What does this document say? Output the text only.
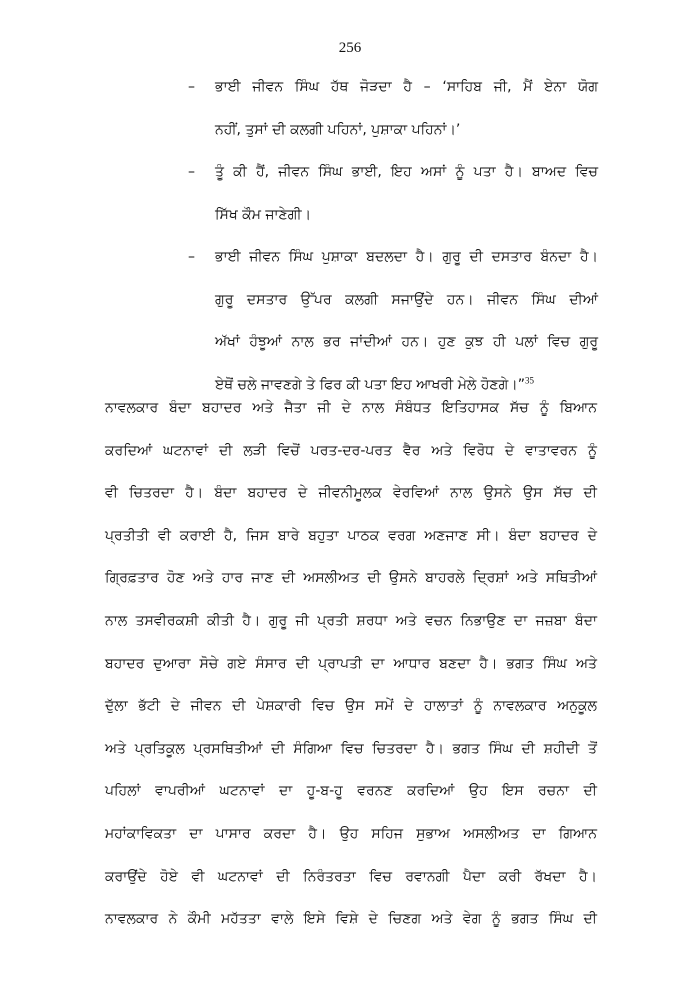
256
– ਭਾਈ ਜੀਵਨ ਸਿੰਘ ਹੱਥ ਜੋੜਦਾ ਹੈ – ‘ਸਾਹਿਬ ਜੀ, ਮੈਂ ਏਨਾ ਯੋਗ
ਨਹੀਂ, ਤੁਸਾਂ ਦੀ ਕਲਗੀ ਪਹਿਨਾਂ, ਪੁਸ਼ਾਕਾ ਪਹਿਨਾਂ।’
– ਤੂੰ ਕੀ ਹੈਂ, ਜੀਵਨ ਸਿੰਘ ਭਾਈ, ਇਹ ਅਸਾਂ ਨੂੰ ਪਤਾ ਹੈ। ਬਾਅਦ ਵਿਚ
ਸਿੱਖ ਕੌਮ ਜਾਣੇਗੀ।
– ਭਾਈ ਜੀਵਨ ਸਿੰਘ ਪੁਸ਼ਾਕਾ ਬਦਲਦਾ ਹੈ। ਗੁਰੂ ਦੀ ਦਸਤਾਰ ਬੰਨਦਾ ਹੈ।
ਗੁਰੂ ਦਸਤਾਰ ਉੱਪਰ ਕਲਗੀ ਸਜਾਉਂਦੇ ਹਨ। ਜੀਵਨ ਸਿੰਘ ਦੀਆਂ
ਅੱਖਾਂ ਹੰਝੂਆਂ ਨਾਲ ਭਰ ਜਾਂਦੀਆਂ ਹਨ। ਹੁਣ ਕੁਝ ਹੀ ਪਲਾਂ ਵਿਚ ਗੁਰੂ
ਏਥੋਂ ਚਲੇ ਜਾਵਣਗੇ ਤੇ ਫਿਰ ਕੀ ਪਤਾ ਇਹ ਆਖਰੀ ਮੇਲੇ ਹੋਣਗੇ।”$^{35}$
ਨਾਵਲਕਾਰ ਬੰਦਾ ਬਹਾਦਰ ਅਤੇ ਜੈਤਾ ਜੀ ਦੇ ਨਾਲ ਸੰਬੰਧਤ ਇਤਿਹਾਸਕ ਸੱਚ ਨੂੰ ਬਿਆਨ
ਕਰਦਿਆਂ ਘਟਨਾਵਾਂ ਦੀ ਲੜੀ ਵਿਚੋਂ ਪਰਤ-ਦਰ-ਪਰਤ ਵੈਰ ਅਤੇ ਵਿਰੋਧ ਦੇ ਵਾਤਾਵਰਨ ਨੂੰ
ਵੀ ਚਿਤਰਦਾ ਹੈ। ਬੰਦਾ ਬਹਾਦਰ ਦੇ ਜੀਵਨੀਮੂਲਕ ਵੇਰਵਿਆਂ ਨਾਲ ਉਸਨੇ ਉਸ ਸੱਚ ਦੀ
ਪ੍ਰਤੀਤੀ ਵੀ ਕਰਾਈ ਹੈ, ਜਿਸ ਬਾਰੇ ਬਹੁਤਾ ਪਾਠਕ ਵਰਗ ਅਣਜਾਣ ਸੀ। ਬੰਦਾ ਬਹਾਦਰ ਦੇ
ਗ੍ਰਿਫ਼ਤਾਰ ਹੋਣ ਅਤੇ ਹਾਰ ਜਾਣ ਦੀ ਅਸਲੀਅਤ ਦੀ ਉਸਨੇ ਬਾਹਰਲੇ ਦ੍ਰਿਸ਼ਾਂ ਅਤੇ ਸਥਿਤੀਆਂ
ਨਾਲ ਤਸਵੀਰਕਸ਼ੀ ਕੀਤੀ ਹੈ। ਗੁਰੂ ਜੀ ਪ੍ਰਤੀ ਸ਼ਰਧਾ ਅਤੇ ਵਚਨ ਨਿਭਾਉਣ ਦਾ ਜਜ਼ਬਾ ਬੰਦਾ
ਬਹਾਦਰ ਦੁਆਰਾ ਸੋਚੇ ਗਏ ਸੰਸਾਰ ਦੀ ਪ੍ਰਾਪਤੀ ਦਾ ਆਧਾਰ ਬਣਦਾ ਹੈ। ਭਗਤ ਸਿੰਘ ਅਤੇ
ਦੁੱਲਾ ਭੱਟੀ ਦੇ ਜੀਵਨ ਦੀ ਪੇਸ਼ਕਾਰੀ ਵਿਚ ਉਸ ਸਮੇਂ ਦੇ ਹਾਲਾਤਾਂ ਨੂੰ ਨਾਵਲਕਾਰ ਅਨੁਕੂਲ
ਅਤੇ ਪ੍ਰਤਿਕੂਲ ਪ੍ਰਸਥਿਤੀਆਂ ਦੀ ਸੰਗਿਆ ਵਿਚ ਚਿਤਰਦਾ ਹੈ। ਭਗਤ ਸਿੰਘ ਦੀ ਸ਼ਹੀਦੀ ਤੋਂ
ਪਹਿਲਾਂ ਵਾਪਰੀਆਂ ਘਟਨਾਵਾਂ ਦਾ ਹੂ-ਬ-ਹੂ ਵਰਨਣ ਕਰਦਿਆਂ ਉਹ ਇਸ ਰਚਨਾ ਦੀ
ਮਹਾਂਕਾਵਿਕਤਾ ਦਾ ਪਾਸਾਰ ਕਰਦਾ ਹੈ। ਉਹ ਸਹਿਜ ਸੁਭਾਅ ਅਸਲੀਅਤ ਦਾ ਗਿਆਨ
ਕਰਾਉਂਦੇ ਹੋਏ ਵੀ ਘਟਨਾਵਾਂ ਦੀ ਨਿਰੰਤਰਤਾ ਵਿਚ ਰਵਾਨਗੀ ਪੈਦਾ ਕਰੀ ਰੱਖਦਾ ਹੈ।
ਨਾਵਲਕਾਰ ਨੇ ਕੌਮੀ ਮਹੱਤਤਾ ਵਾਲੇ ਇਸੇ ਵਿਸ਼ੇ ਦੇ ਚਿਣਗ ਅਤੇ ਵੇਗ ਨੂੰ ਭਗਤ ਸਿੰਘ ਦੀ
